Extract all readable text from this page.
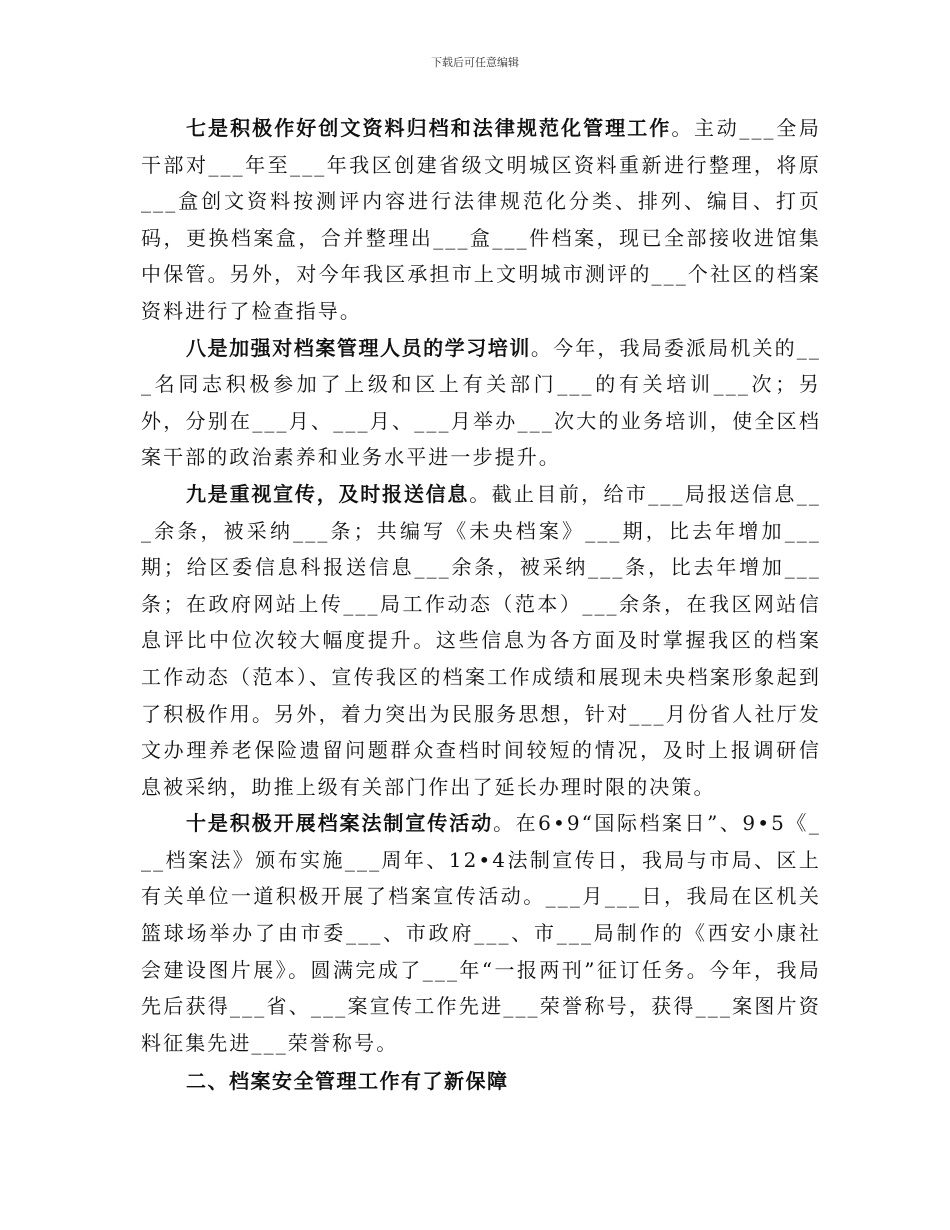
下载后可任意编辑

七是积极作好创文资料归档和法律规范化管理工作。主动___全局干部对___年至___年我区创建省级文明城区资料重新进行整理，将原___盒创文资料按测评内容进行法律规范化分类、排列、编目、打页码，更换档案盒，合并整理出___盒___件档案，现已全部接收进馆集中保管。另外，对今年我区承担市上文明城市测评的___个社区的档案资料进行了检查指导。

八是加强对档案管理人员的学习培训。今年，我局委派局机关的___名同志积极参加了上级和区上有关部门___的有关培训___次；另外，分别在___月、___月、___月举办___次大的业务培训，使全区档案干部的政治素养和业务水平进一步提升。

九是重视宣传，及时报送信息。截止目前，给市___局报送信息___余条，被采纳___条；共编写《未央档案》___期，比去年增加___期；给区委信息科报送信息___余条，被采纳___条，比去年增加___条；在政府网站上传___局工作动态（范本）___余条，在我区网站信息评比中位次较大幅度提升。这些信息为各方面及时掌握我区的档案工作动态（范本）、宣传我区的档案工作成绩和展现未央档案形象起到了积极作用。另外，着力突出为民服务思想，针对___月份省人社厅发文办理养老保险遗留问题群众查档时间较短的情况，及时上报调研信息被采纳，助推上级有关部门作出了延长办理时限的决策。

十是积极开展档案法制宣传活动。在6•9“国际档案日”、9•5《___档案法》颁布实施___周年、12•4法制宣传日，我局与市局、区上有关单位一道积极开展了档案宣传活动。___月___日，我局在区机关篮球场举办了由市委___、市政府___、市___局制作的《西安小康社会建设图片展》。圆满完成了___年“一报两刊”征订任务。今年，我局先后获得___省、___案宣传工作先进___荣誉称号，获得___案图片资料征集先进___荣誉称号。

二、档案安全管理工作有了新保障
